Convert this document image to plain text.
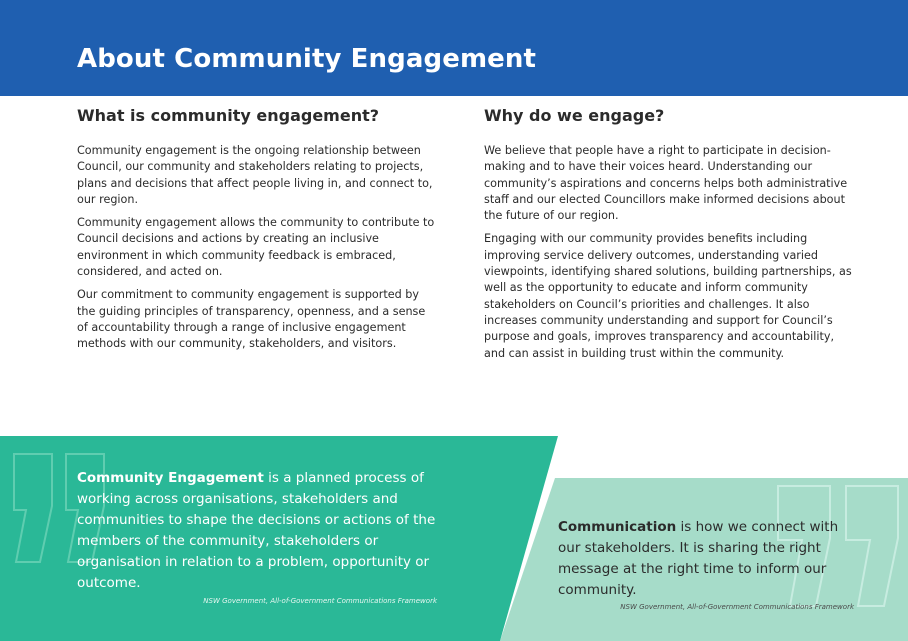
About Community Engagement
What is community engagement?

Community engagement is the ongoing relationship between Council, our community and stakeholders relating to projects, plans and decisions that affect people living in, and connect to, our region.

Community engagement allows the community to contribute to Council decisions and actions by creating an inclusive environment in which community feedback is embraced, considered, and acted on.

Our commitment to community engagement is supported by the guiding principles of transparency, openness, and a sense of accountability through a range of inclusive engagement methods with our community, stakeholders, and visitors.

Why do we engage?

We believe that people have a right to participate in decision-making and to have their voices heard. Understanding our community’s aspirations and concerns helps both administrative staff and our elected Councillors make informed decisions about the future of our region.

Engaging with our community provides benefits including improving service delivery outcomes, understanding varied viewpoints, identifying shared solutions, building partnerships, as well as the opportunity to educate and inform community stakeholders on Council’s priorities and challenges. It also increases community understanding and support for Council’s purpose and goals, improves transparency and accountability, and can assist in building trust within the community.

Community Engagement is a planned process of working across organisations, stakeholders and communities to shape the decisions or actions of the members of the community, stakeholders or organisation in relation to a problem, opportunity or outcome.

NSW Government, All-of-Government Communications Framework

Communication is how we connect with our stakeholders. It is sharing the right message at the right time to inform our community.

NSW Government, All-of-Government Communications Framework
